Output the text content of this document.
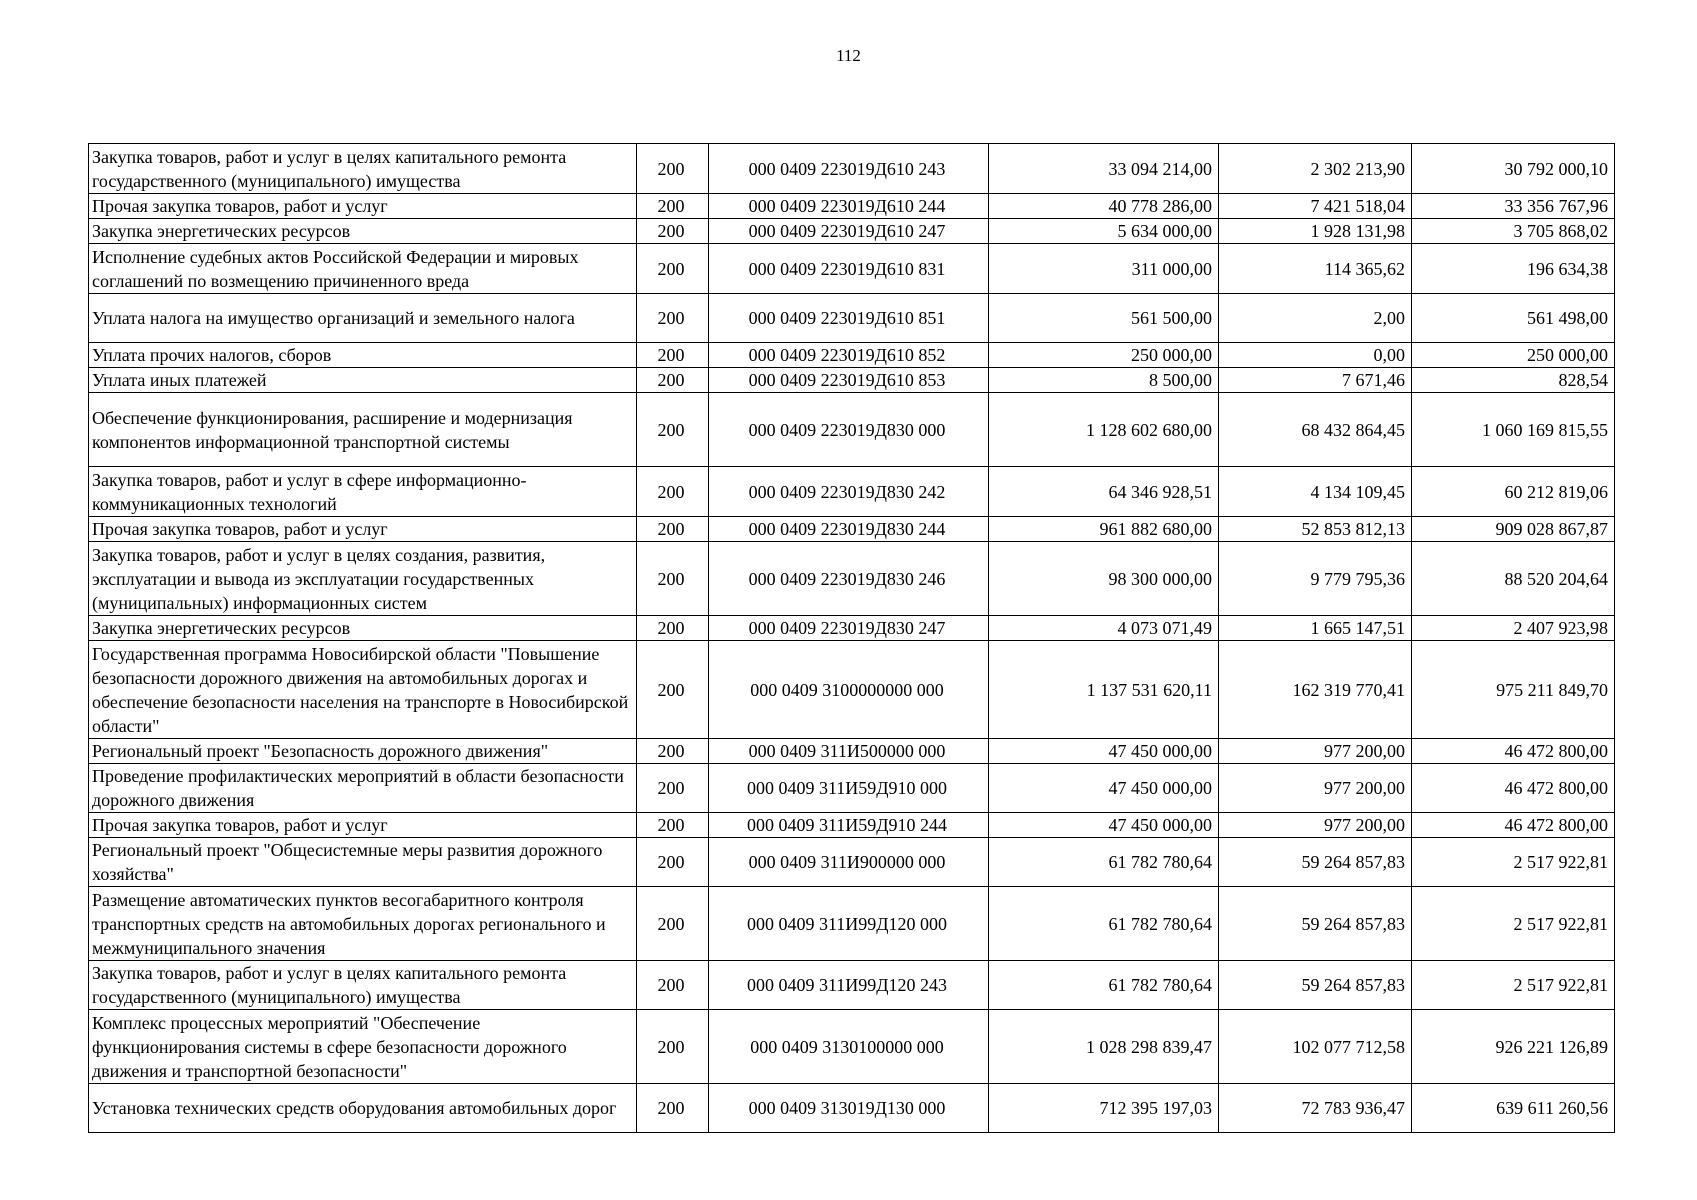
112
Закупка товаров, работ и услуг в целях капитального ремонта государственного (муниципального) имущества	200	000 0409 223019Д610 243	33 094 214,00	2 302 213,90	30 792 000,10
Прочая закупка товаров, работ и услуг	200	000 0409 223019Д610 244	40 778 286,00	7 421 518,04	33 356 767,96
Закупка энергетических ресурсов	200	000 0409 223019Д610 247	5 634 000,00	1 928 131,98	3 705 868,02
Исполнение судебных актов Российской Федерации и мировых соглашений по возмещению причиненного вреда	200	000 0409 223019Д610 831	311 000,00	114 365,62	196 634,38
Уплата налога на имущество организаций и земельного налога	200	000 0409 223019Д610 851	561 500,00	2,00	561 498,00
Уплата прочих налогов, сборов	200	000 0409 223019Д610 852	250 000,00	0,00	250 000,00
Уплата иных платежей	200	000 0409 223019Д610 853	8 500,00	7 671,46	828,54
Обеспечение функционирования, расширение и модернизация компонентов информационной транспортной системы	200	000 0409 223019Д830 000	1 128 602 680,00	68 432 864,45	1 060 169 815,55
Закупка товаров, работ и услуг в сфере информационно-коммуникационных технологий	200	000 0409 223019Д830 242	64 346 928,51	4 134 109,45	60 212 819,06
Прочая закупка товаров, работ и услуг	200	000 0409 223019Д830 244	961 882 680,00	52 853 812,13	909 028 867,87
Закупка товаров, работ и услуг в целях создания, развития, эксплуатации и вывода из эксплуатации государственных (муниципальных) информационных систем	200	000 0409 223019Д830 246	98 300 000,00	9 779 795,36	88 520 204,64
Закупка энергетических ресурсов	200	000 0409 223019Д830 247	4 073 071,49	1 665 147,51	2 407 923,98
Государственная программа Новосибирской области "Повышение безопасности дорожного движения на автомобильных дорогах и обеспечение безопасности населения на транспорте в Новосибирской области"	200	000 0409 3100000000 000	1 137 531 620,11	162 319 770,41	975 211 849,70
Региональный проект "Безопасность дорожного движения"	200	000 0409 311И500000 000	47 450 000,00	977 200,00	46 472 800,00
Проведение профилактических мероприятий в области безопасности дорожного движения	200	000 0409 311И59Д910 000	47 450 000,00	977 200,00	46 472 800,00
Прочая закупка товаров, работ и услуг	200	000 0409 311И59Д910 244	47 450 000,00	977 200,00	46 472 800,00
Региональный проект "Общесистемные меры развития дорожного хозяйства"	200	000 0409 311И900000 000	61 782 780,64	59 264 857,83	2 517 922,81
Размещение автоматических пунктов весогабаритного контроля транспортных средств на автомобильных дорогах регионального и межмуниципального значения	200	000 0409 311И99Д120 000	61 782 780,64	59 264 857,83	2 517 922,81
Закупка товаров, работ и услуг в целях капитального ремонта государственного (муниципального) имущества	200	000 0409 311И99Д120 243	61 782 780,64	59 264 857,83	2 517 922,81
Комплекс процессных мероприятий "Обеспечение функционирования системы в сфере безопасности дорожного движения и транспортной безопасности"	200	000 0409 3130100000 000	1 028 298 839,47	102 077 712,58	926 221 126,89
Установка технических средств оборудования автомобильных дорог	200	000 0409 313019Д130 000	712 395 197,03	72 783 936,47	639 611 260,56
